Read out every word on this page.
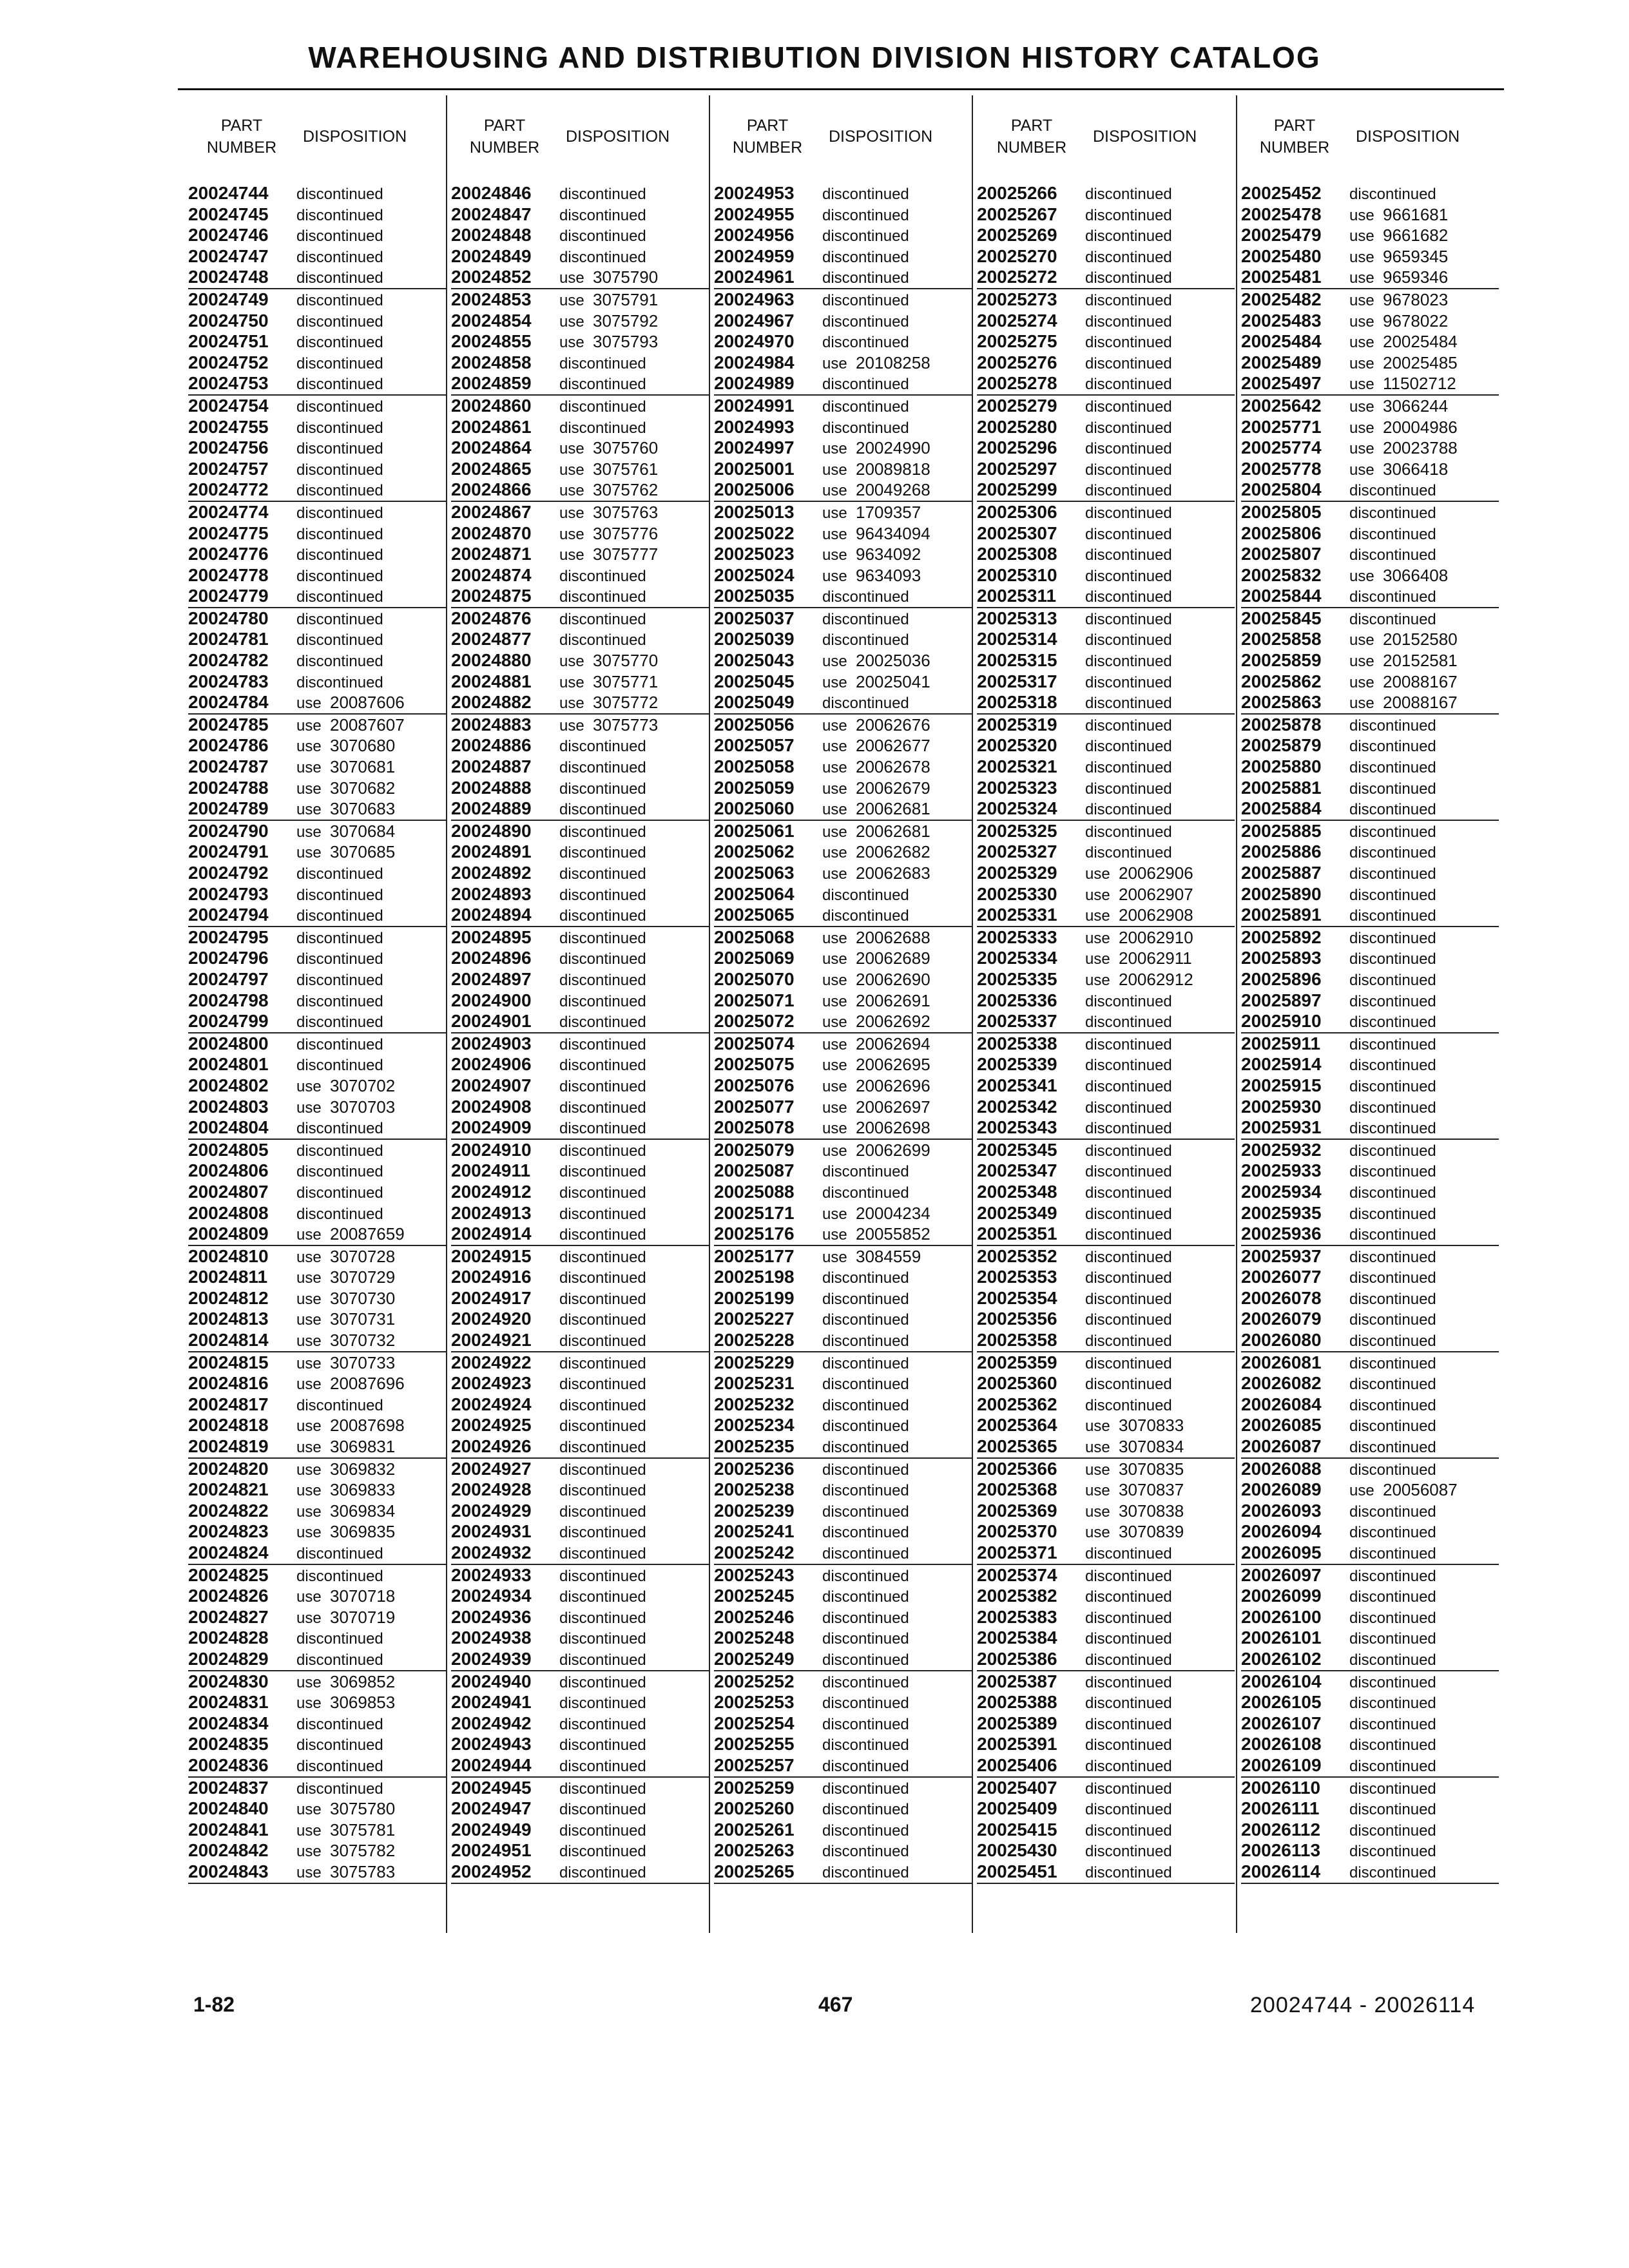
WAREHOUSING AND DISTRIBUTION DIVISION HISTORY CATALOG
PART
NUMBER
DISPOSITION
PART
NUMBER
DISPOSITION
PART
NUMBER
DISPOSITION
PART
NUMBER
DISPOSITION
PART
NUMBER
DISPOSITION
20024744 discontinued
20024745 discontinued
20024746 discontinued
20024747 discontinued
20024748 discontinued
20024749 discontinued
20024750 discontinued
20024751 discontinued
20024752 discontinued
20024753 discontinued
20024754 discontinued
20024755 discontinued
20024756 discontinued
20024757 discontinued
20024772 discontinued
20024774 discontinued
20024775 discontinued
20024776 discontinued
20024778 discontinued
20024779 discontinued
20024780 discontinued
20024781 discontinued
20024782 discontinued
20024783 discontinued
20024784 use 20087606
20024785 use 20087607
20024786 use 3070680
20024787 use 3070681
20024788 use 3070682
20024789 use 3070683
20024790 use 3070684
20024791 use 3070685
20024792 discontinued
20024793 discontinued
20024794 discontinued
20024795 discontinued
20024796 discontinued
20024797 discontinued
20024798 discontinued
20024799 discontinued
20024800 discontinued
20024801 discontinued
20024802 use 3070702
20024803 use 3070703
20024804 discontinued
20024805 discontinued
20024806 discontinued
20024807 discontinued
20024808 discontinued
20024809 use 20087659
20024810 use 3070728
20024811 use 3070729
20024812 use 3070730
20024813 use 3070731
20024814 use 3070732
20024815 use 3070733
20024816 use 20087696
20024817 discontinued
20024818 use 20087698
20024819 use 3069831
20024820 use 3069832
20024821 use 3069833
20024822 use 3069834
20024823 use 3069835
20024824 discontinued
20024825 discontinued
20024826 use 3070718
20024827 use 3070719
20024828 discontinued
20024829 discontinued
20024830 use 3069852
20024831 use 3069853
20024834 discontinued
20024835 discontinued
20024836 discontinued
20024837 discontinued
20024840 use 3075780
20024841 use 3075781
20024842 use 3075782
20024843 use 3075783
20024846 discontinued
20024847 discontinued
20024848 discontinued
20024849 discontinued
20024852 use 3075790
20024853 use 3075791
20024854 use 3075792
20024855 use 3075793
20024858 discontinued
20024859 discontinued
20024860 discontinued
20024861 discontinued
20024864 use 3075760
20024865 use 3075761
20024866 use 3075762
20024867 use 3075763
20024870 use 3075776
20024871 use 3075777
20024874 discontinued
20024875 discontinued
20024876 discontinued
20024877 discontinued
20024880 use 3075770
20024881 use 3075771
20024882 use 3075772
20024883 use 3075773
20024886 discontinued
20024887 discontinued
20024888 discontinued
20024889 discontinued
20024890 discontinued
20024891 discontinued
20024892 discontinued
20024893 discontinued
20024894 discontinued
20024895 discontinued
20024896 discontinued
20024897 discontinued
20024900 discontinued
20024901 discontinued
20024903 discontinued
20024906 discontinued
20024907 discontinued
20024908 discontinued
20024909 discontinued
20024910 discontinued
20024911 discontinued
20024912 discontinued
20024913 discontinued
20024914 discontinued
20024915 discontinued
20024916 discontinued
20024917 discontinued
20024920 discontinued
20024921 discontinued
20024922 discontinued
20024923 discontinued
20024924 discontinued
20024925 discontinued
20024926 discontinued
20024927 discontinued
20024928 discontinued
20024929 discontinued
20024931 discontinued
20024932 discontinued
20024933 discontinued
20024934 discontinued
20024936 discontinued
20024938 discontinued
20024939 discontinued
20024940 discontinued
20024941 discontinued
20024942 discontinued
20024943 discontinued
20024944 discontinued
20024945 discontinued
20024947 discontinued
20024949 discontinued
20024951 discontinued
20024952 discontinued
20024953 discontinued
20024955 discontinued
20024956 discontinued
20024959 discontinued
20024961 discontinued
20024963 discontinued
20024967 discontinued
20024970 discontinued
20024984 use 20108258
20024989 discontinued
20024991 discontinued
20024993 discontinued
20024997 use 20024990
20025001 use 20089818
20025006 use 20049268
20025013 use 1709357
20025022 use 96434094
20025023 use 9634092
20025024 use 9634093
20025035 discontinued
20025037 discontinued
20025039 discontinued
20025043 use 20025036
20025045 use 20025041
20025049 discontinued
20025056 use 20062676
20025057 use 20062677
20025058 use 20062678
20025059 use 20062679
20025060 use 20062681
20025061 use 20062681
20025062 use 20062682
20025063 use 20062683
20025064 discontinued
20025065 discontinued
20025068 use 20062688
20025069 use 20062689
20025070 use 20062690
20025071 use 20062691
20025072 use 20062692
20025074 use 20062694
20025075 use 20062695
20025076 use 20062696
20025077 use 20062697
20025078 use 20062698
20025079 use 20062699
20025087 discontinued
20025088 discontinued
20025171 use 20004234
20025176 use 20055852
20025177 use 3084559
20025198 discontinued
20025199 discontinued
20025227 discontinued
20025228 discontinued
20025229 discontinued
20025231 discontinued
20025232 discontinued
20025234 discontinued
20025235 discontinued
20025236 discontinued
20025238 discontinued
20025239 discontinued
20025241 discontinued
20025242 discontinued
20025243 discontinued
20025245 discontinued
20025246 discontinued
20025248 discontinued
20025249 discontinued
20025252 discontinued
20025253 discontinued
20025254 discontinued
20025255 discontinued
20025257 discontinued
20025259 discontinued
20025260 discontinued
20025261 discontinued
20025263 discontinued
20025265 discontinued
20025266 discontinued
20025267 discontinued
20025269 discontinued
20025270 discontinued
20025272 discontinued
20025273 discontinued
20025274 discontinued
20025275 discontinued
20025276 discontinued
20025278 discontinued
20025279 discontinued
20025280 discontinued
20025296 discontinued
20025297 discontinued
20025299 discontinued
20025306 discontinued
20025307 discontinued
20025308 discontinued
20025310 discontinued
20025311 discontinued
20025313 discontinued
20025314 discontinued
20025315 discontinued
20025317 discontinued
20025318 discontinued
20025319 discontinued
20025320 discontinued
20025321 discontinued
20025323 discontinued
20025324 discontinued
20025325 discontinued
20025327 discontinued
20025329 use 20062906
20025330 use 20062907
20025331 use 20062908
20025333 use 20062910
20025334 use 20062911
20025335 use 20062912
20025336 discontinued
20025337 discontinued
20025338 discontinued
20025339 discontinued
20025341 discontinued
20025342 discontinued
20025343 discontinued
20025345 discontinued
20025347 discontinued
20025348 discontinued
20025349 discontinued
20025351 discontinued
20025352 discontinued
20025353 discontinued
20025354 discontinued
20025356 discontinued
20025358 discontinued
20025359 discontinued
20025360 discontinued
20025362 discontinued
20025364 use 3070833
20025365 use 3070834
20025366 use 3070835
20025368 use 3070837
20025369 use 3070838
20025370 use 3070839
20025371 discontinued
20025374 discontinued
20025382 discontinued
20025383 discontinued
20025384 discontinued
20025386 discontinued
20025387 discontinued
20025388 discontinued
20025389 discontinued
20025391 discontinued
20025406 discontinued
20025407 discontinued
20025409 discontinued
20025415 discontinued
20025430 discontinued
20025451 discontinued
20025452 discontinued
20025478 use 9661681
20025479 use 9661682
20025480 use 9659345
20025481 use 9659346
20025482 use 9678023
20025483 use 9678022
20025484 use 20025484
20025489 use 20025485
20025497 use 11502712
20025642 use 3066244
20025771 use 20004986
20025774 use 20023788
20025778 use 3066418
20025804 discontinued
20025805 discontinued
20025806 discontinued
20025807 discontinued
20025832 use 3066408
20025844 discontinued
20025845 discontinued
20025858 use 20152580
20025859 use 20152581
20025862 use 20088167
20025863 use 20088167
20025878 discontinued
20025879 discontinued
20025880 discontinued
20025881 discontinued
20025884 discontinued
20025885 discontinued
20025886 discontinued
20025887 discontinued
20025890 discontinued
20025891 discontinued
20025892 discontinued
20025893 discontinued
20025896 discontinued
20025897 discontinued
20025910 discontinued
20025911 discontinued
20025914 discontinued
20025915 discontinued
20025930 discontinued
20025931 discontinued
20025932 discontinued
20025933 discontinued
20025934 discontinued
20025935 discontinued
20025936 discontinued
20025937 discontinued
20026077 discontinued
20026078 discontinued
20026079 discontinued
20026080 discontinued
20026081 discontinued
20026082 discontinued
20026084 discontinued
20026085 discontinued
20026087 discontinued
20026088 discontinued
20026089 use 20056087
20026093 discontinued
20026094 discontinued
20026095 discontinued
20026097 discontinued
20026099 discontinued
20026100 discontinued
20026101 discontinued
20026102 discontinued
20026104 discontinued
20026105 discontinued
20026107 discontinued
20026108 discontinued
20026109 discontinued
20026110 discontinued
20026111 discontinued
20026112 discontinued
20026113 discontinued
20026114 discontinued
1-82	467	20024744 - 20026114
